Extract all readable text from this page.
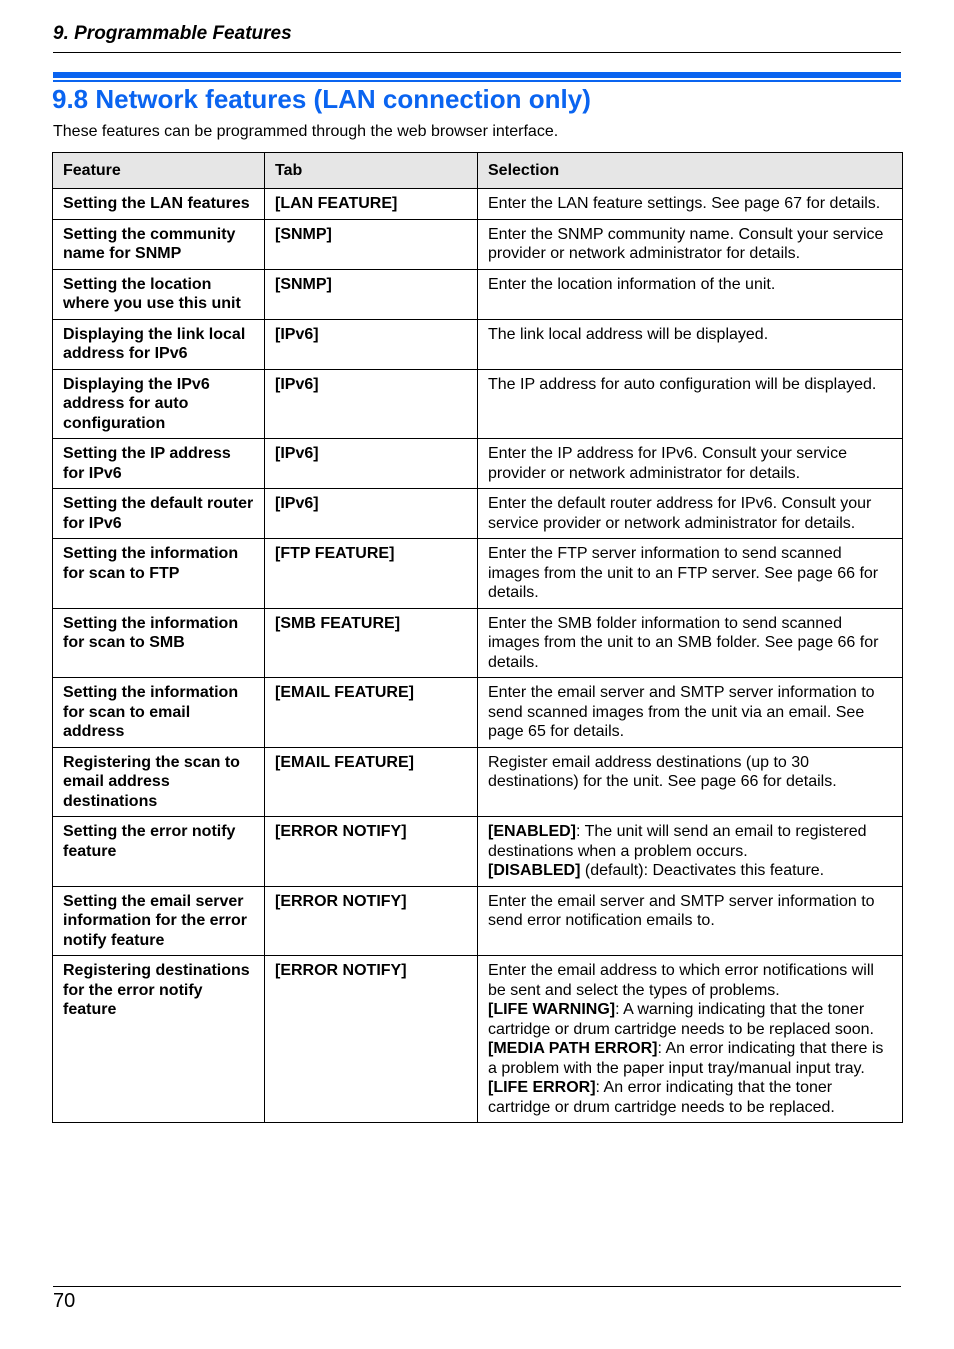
9. Programmable Features
9.8 Network features (LAN connection only)
These features can be programmed through the web browser interface.
Feature	Tab	Selection
Setting the LAN features	[LAN FEATURE]	Enter the LAN feature settings. See page 67 for details.

Setting the community name for SNMP	[SNMP]	Enter the SNMP community name. Consult your service provider or network administrator for details.

Setting the location where you use this unit	[SNMP]	Enter the location information of the unit.

Displaying the link local address for IPv6	[IPv6]	The link local address will be displayed.

Displaying the IPv6 address for auto configuration	[IPv6]	The IP address for auto configuration will be displayed.

Setting the IP address for IPv6	[IPv6]	Enter the IP address for IPv6. Consult your service provider or network administrator for details.

Setting the default router for IPv6	[IPv6]	Enter the default router address for IPv6. Consult your service provider or network administrator for details.

Setting the information for scan to FTP	[FTP FEATURE]	Enter the FTP server information to send scanned images from the unit to an FTP server. See page 66 for details.

Setting the information for scan to SMB	[SMB FEATURE]	Enter the SMB folder information to send scanned images from the unit to an SMB folder. See page 66 for details.

Setting the information for scan to email address	[EMAIL FEATURE]	Enter the email server and SMTP server information to send scanned images from the unit via an email. See page 65 for details.

Registering the scan to email address destinations	[EMAIL FEATURE]	Register email address destinations (up to 30 destinations) for the unit. See page 66 for details.

Setting the error notify feature	[ERROR NOTIFY]	[ENABLED]: The unit will send an email to registered destinations when a problem occurs.
[DISABLED] (default): Deactivates this feature.

Setting the email server information for the error notify feature	[ERROR NOTIFY]	Enter the email server and SMTP server information to send error notification emails to.

Registering destinations for the error notify feature	[ERROR NOTIFY]	Enter the email address to which error notifications will be sent and select the types of problems.
[LIFE WARNING]: A warning indicating that the toner cartridge or drum cartridge needs to be replaced soon.
[MEDIA PATH ERROR]: An error indicating that there is a problem with the paper input tray/manual input tray.
[LIFE ERROR]: An error indicating that the toner cartridge or drum cartridge needs to be replaced.
70
